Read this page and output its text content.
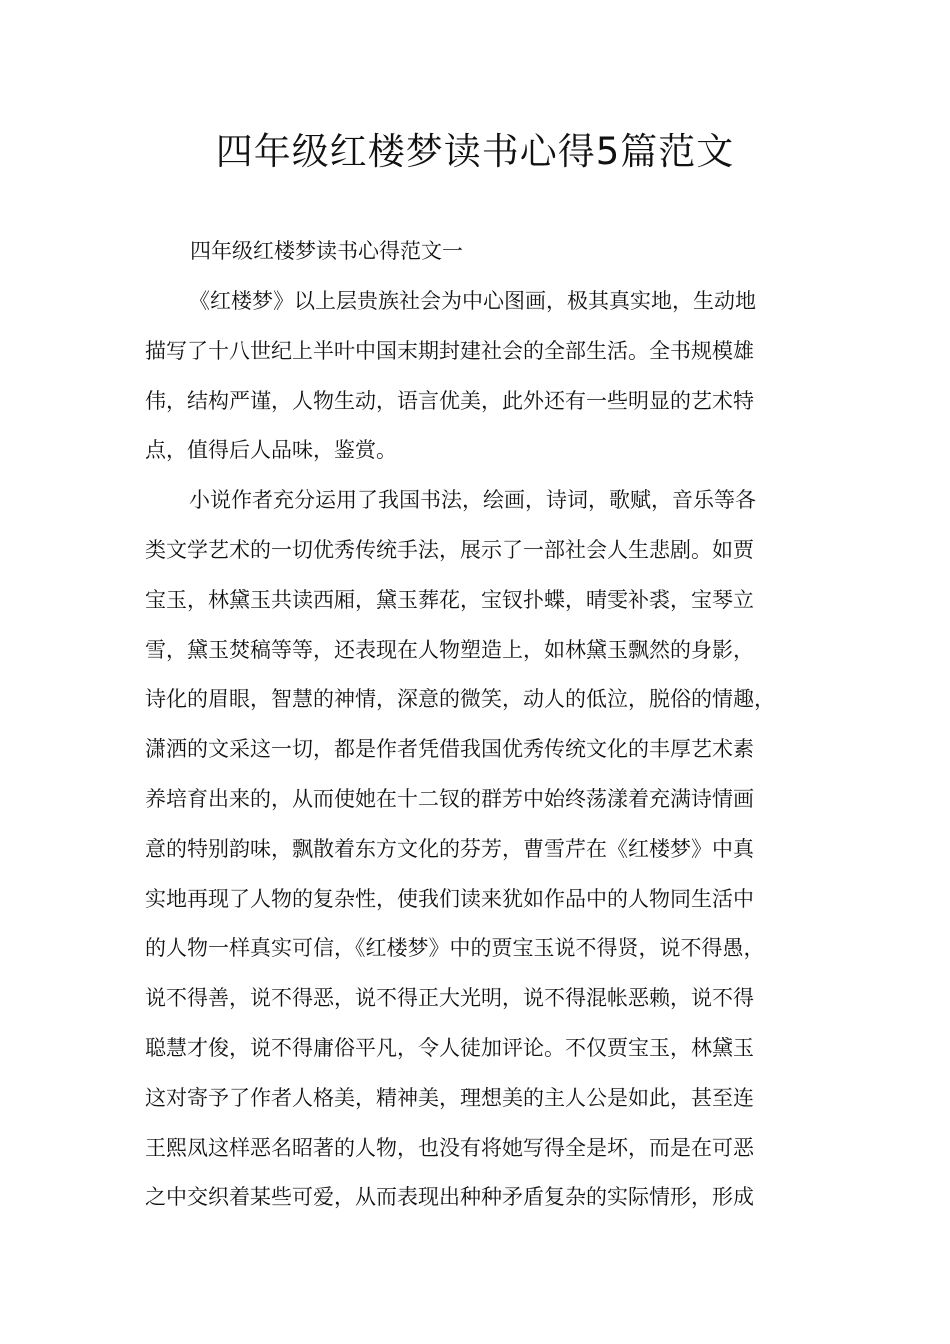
四年级红楼梦读书心得5篇范文

四年级红楼梦读书心得范文一

《红楼梦》以上层贵族社会为中心图画，极其真实地，生动地
描写了十八世纪上半叶中国末期封建社会的全部生活。全书规模雄
伟，结构严谨，人物生动，语言优美，此外还有一些明显的艺术特
点，值得后人品味，鉴赏。
小说作者充分运用了我国书法，绘画，诗词，歌赋，音乐等各
类文学艺术的一切优秀传统手法，展示了一部社会人生悲剧。如贾
宝玉，林黛玉共读西厢，黛玉葬花，宝钗扑蝶，晴雯补裘，宝琴立
雪，黛玉焚稿等等，还表现在人物塑造上，如林黛玉飘然的身影，
诗化的眉眼，智慧的神情，深意的微笑，动人的低泣，脱俗的情趣，
潇洒的文采这一切，都是作者凭借我国优秀传统文化的丰厚艺术素
养培育出来的，从而使她在十二钗的群芳中始终荡漾着充满诗情画
意的特别韵味，飘散着东方文化的芬芳，曹雪芹在《红楼梦》中真
实地再现了人物的复杂性，使我们读来犹如作品中的人物同生活中
的人物一样真实可信，《红楼梦》中的贾宝玉说不得贤，说不得愚，
说不得善，说不得恶，说不得正大光明，说不得混帐恶赖，说不得
聪慧才俊，说不得庸俗平凡，令人徒加评论。不仅贾宝玉，林黛玉
这对寄予了作者人格美，精神美，理想美的主人公是如此，甚至连
王熙凤这样恶名昭著的人物，也没有将她写得全是坏，而是在可恶
之中交织着某些可爱，从而表现出种种矛盾复杂的实际情形，形成
